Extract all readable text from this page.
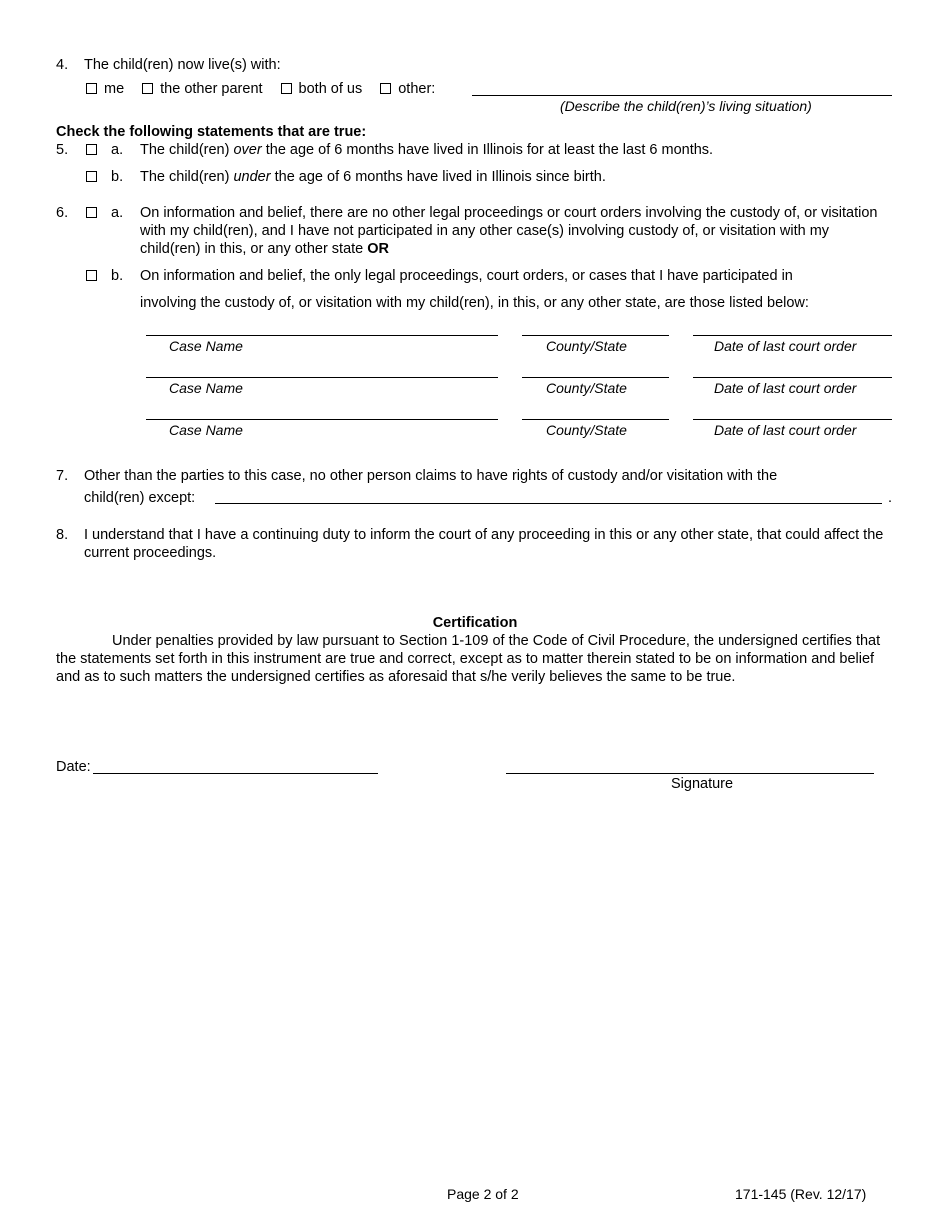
4. The child(ren) now live(s) with:
me the other parent both of us other:
(Describe the child(ren)’s living situation)
Check the following statements that are true:
5.	a. The child(ren) over the age of 6 months have lived in Illinois for at least the last 6 months.
b. The child(ren) under the age of 6 months have lived in Illinois since birth.
6.	a. On information and belief, there are no other legal proceedings or court orders involving the custody of, or visitation with my child(ren), and I have not participated in any other case(s) involving custody of, or visitation with my child(ren) in this, or any other state OR
b. On information and belief, the only legal proceedings, court orders, or cases that I have participated in
involving the custody of, or visitation with my child(ren), in this, or any other state, are those listed below:
Case Name	County/State	Date of last court order
Case Name	County/State	Date of last court order
Case Name	County/State	Date of last court order
7. Other than the parties to this case, no other person claims to have rights of custody and/or visitation with the
child(ren) except:	.
8. I understand that I have a continuing duty to inform the court of any proceeding in this or any other state, that could affect the current proceedings.
Certification
Under penalties provided by law pursuant to Section 1-109 of the Code of Civil Procedure, the undersigned certifies that the statements set forth in this instrument are true and correct, except as to matter therein stated to be on information and belief and as to such matters the undersigned certifies as aforesaid that s/he verily believes the same to be true.
Date:
Signature
Page 2 of 2	171-145 (Rev. 12/17)
